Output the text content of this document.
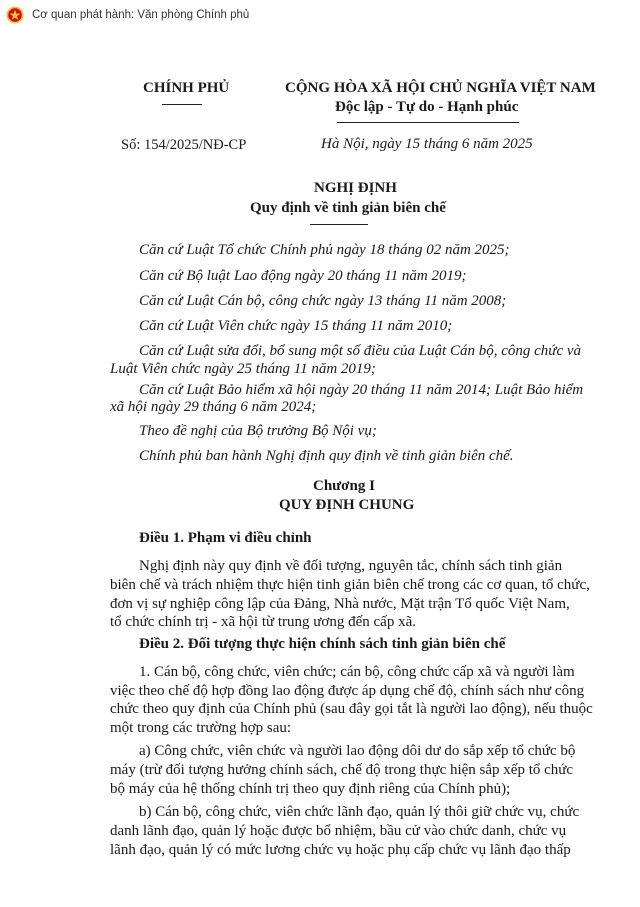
Cơ quan phát hành: Văn phòng Chính phủ
CHÍNH PHỦ
Số: 154/2025/NĐ-CP
CỘNG HÒA XÃ HỘI CHỦ NGHĨA VIỆT NAM
Độc lập - Tự do - Hạnh phúc
Hà Nội, ngày 15 tháng 6 năm 2025
NGHỊ ĐỊNH
Quy định về tinh giản biên chế
Căn cứ Luật Tổ chức Chính phủ ngày 18 tháng 02 năm 2025;
Căn cứ Bộ luật Lao động ngày 20 tháng 11 năm 2019;
Căn cứ Luật Cán bộ, công chức ngày 13 tháng 11 năm 2008;
Căn cứ Luật Viên chức ngày 15 tháng 11 năm 2010;
Căn cứ Luật sửa đổi, bổ sung một số điều của Luật Cán bộ, công chức và
Luật Viên chức ngày 25 tháng 11 năm 2019;
Căn cứ Luật Bảo hiểm xã hội ngày 20 tháng 11 năm 2014; Luật Bảo hiểm
xã hội ngày 29 tháng 6 năm 2024;
Theo đề nghị của Bộ trưởng Bộ Nội vụ;
Chính phủ ban hành Nghị định quy định về tinh giản biên chế.
Chương I
QUY ĐỊNH CHUNG
Điều 1. Phạm vi điều chỉnh
Nghị định này quy định về đối tượng, nguyên tắc, chính sách tinh giản
biên chế và trách nhiệm thực hiện tinh giản biên chế trong các cơ quan, tổ chức,
đơn vị sự nghiệp công lập của Đảng, Nhà nước, Mặt trận Tổ quốc Việt Nam,
tổ chức chính trị - xã hội từ trung ương đến cấp xã.
Điều 2. Đối tượng thực hiện chính sách tinh giản biên chế
1. Cán bộ, công chức, viên chức; cán bộ, công chức cấp xã và người làm
việc theo chế độ hợp đồng lao động được áp dụng chế độ, chính sách như công
chức theo quy định của Chính phủ (sau đây gọi tắt là người lao động), nếu thuộc
một trong các trường hợp sau:
a) Công chức, viên chức và người lao động dôi dư do sắp xếp tổ chức bộ
máy (trừ đối tượng hưởng chính sách, chế độ trong thực hiện sắp xếp tổ chức
bộ máy của hệ thống chính trị theo quy định riêng của Chính phủ);
b) Cán bộ, công chức, viên chức lãnh đạo, quản lý thôi giữ chức vụ, chức
danh lãnh đạo, quản lý hoặc được bổ nhiệm, bầu cử vào chức danh, chức vụ
lãnh đạo, quản lý có mức lương chức vụ hoặc phụ cấp chức vụ lãnh đạo thấp
